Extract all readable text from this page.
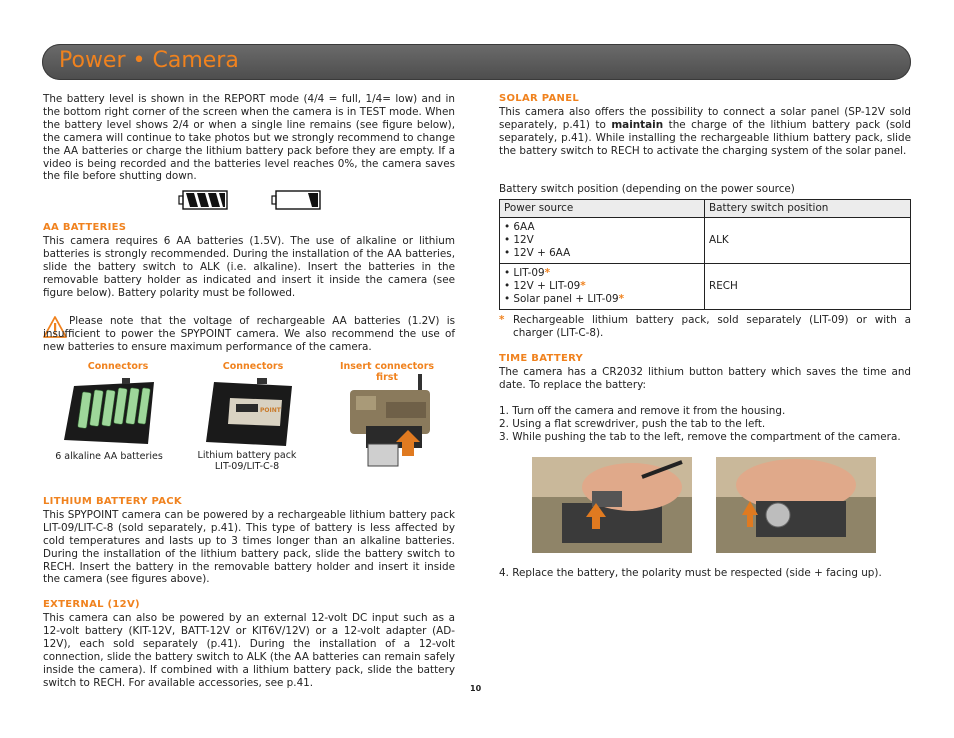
Power • Camera

The battery level is shown in the REPORT mode (4/4 = full, 1/4= low) and in the bottom right corner of the screen when the camera is in TEST mode. When the battery level shows 2/4 or when a single line remains (see figure below), the camera will continue to take photos but we strongly recommend to change the AA batteries or charge the lithium battery pack before they are empty. If a video is being recorded and the batteries level reaches 0%, the camera saves the file before shutting down.

AA BATTERIES

This camera requires 6 AA batteries (1.5V). The use of alkaline or lithium batteries is strongly recommended. During the installation of the AA batteries, slide the battery switch to ALK (i.e. alkaline). Insert the batteries in the removable battery holder as indicated and insert it inside the camera (see figure below). Battery polarity must be followed.

Please note that the voltage of rechargeable AA batteries (1.2V) is insufficient to power the SPYPOINT camera. We also recommend the use of new batteries to ensure maximum performance of the camera.

Connectors	Connectors	Insert connectors first
POINT
6 alkaline AA batteries	Lithium battery pack LIT-09/LIT-C-8
LITHIUM BATTERY PACK

This SPYPOINT camera can be powered by a rechargeable lithium battery pack LIT-09/LIT-C-8 (sold separately, p.41). This type of battery is less affected by cold temperatures and lasts up to 3 times longer than an alkaline batteries. During the installation of the lithium battery pack, slide the battery switch to RECH. Insert the battery in the removable battery holder and insert it inside the camera (see figures above).

EXTERNAL (12V)

This camera can also be powered by an external 12-volt DC input such as a 12-volt battery (KIT-12V, BATT-12V or KIT6V/12V) or a 12-volt adapter (AD-12V), each sold separately (p.41). During the installation of a 12-volt connection, slide the battery switch to ALK (the AA batteries can remain safely inside the camera). If combined with a lithium battery pack, slide the battery switch to RECH. For available accessories, see p.41.

SOLAR PANEL

This camera also offers the possibility to connect a solar panel (SP-12V sold separately, p.41) to maintain the charge of the lithium battery pack (sold separately, p.41). While installing the rechargeable lithium battery pack, slide the battery switch to RECH to activate the charging system of the solar panel.

Battery switch position (depending on the power source)

Power source	Battery switch position

• 6AA
• 12V
• 12V + 6AA	ALK

• LIT-09*
• 12V + LIT-09*
• Solar panel + LIT-09*	RECH
* Rechargeable lithium battery pack, sold separately (LIT-09) or with a charger (LIT-C-8).

TIME BATTERY

The camera has a CR2032 lithium button battery which saves the time and date. To replace the battery:

1. Turn off the camera and remove it from the housing.
2. Using a flat screwdriver, push the tab to the left.
3. While pushing the tab to the left, remove the compartment of the camera.

4. Replace the battery, the polarity must be respected (side + facing up).

10
